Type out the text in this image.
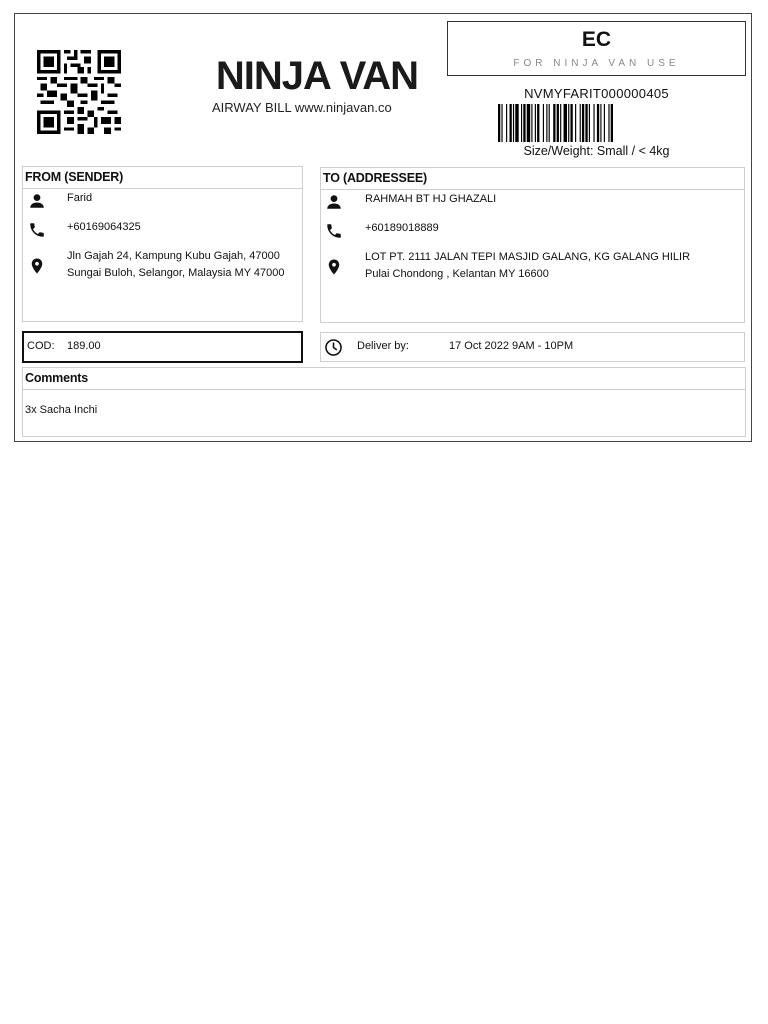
NINJA VAN
AIRWAY BILL www.ninjavan.co
EC
FOR NINJA VAN USE
NVMYFARIT000000405
Size/Weight: Small / < 4kg
FROM (SENDER)
Farid
+60169064325
Jln Gajah 24, Kampung Kubu Gajah, 47000
Sungai Buloh, Selangor, Malaysia MY 47000
TO (ADDRESSEE)
RAHMAH BT HJ GHAZALI
+60189018889
LOT PT. 2111 JALAN TEPI MASJID GALANG, KG GALANG HILIR
Pulai Chondong , Kelantan MY 16600
COD: 189.00	Deliver by:	17 Oct 2022 9AM - 10PM
Comments
3x Sacha Inchi
